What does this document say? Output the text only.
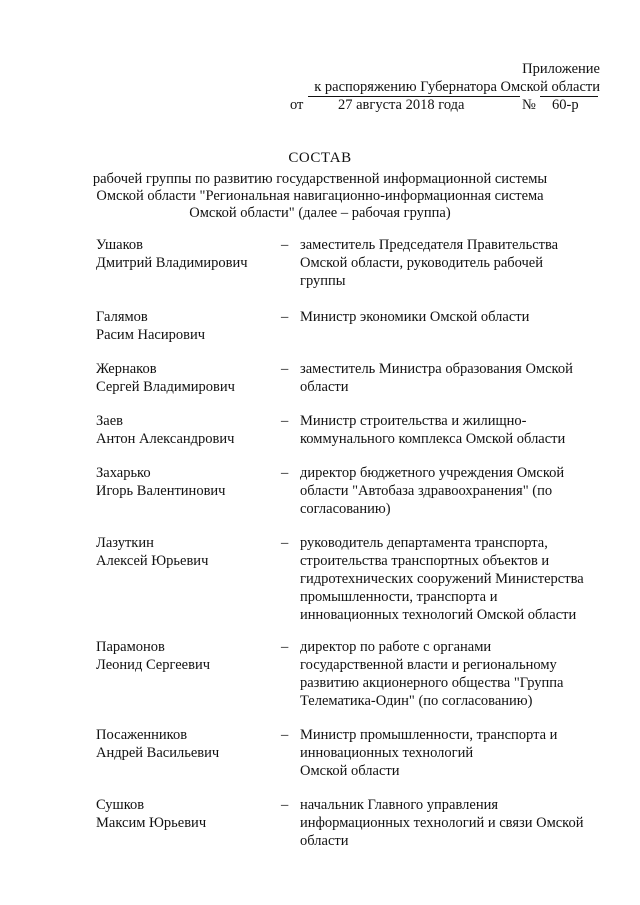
Приложение
к распоряжению Губернатора Омской области
от 27 августа 2018 года	№ 60-р
СОСТАВ
рабочей группы по развитию государственной информационной системы
Омской области "Региональная навигационно-информационная система
Омской области" (далее – рабочая группа)
Ушаков
Дмитрий Владимирович
– заместитель Председателя Правительства
Омской области, руководитель рабочей
группы
Галямов
Расим Насирович
– Министр экономики Омской области
Жернаков
Сергей Владимирович
– заместитель Министра образования Омской
области
Заев
Антон Александрович
– Министр строительства и жилищно-
коммунального комплекса Омской области
Захарько
Игорь Валентинович
– директор бюджетного учреждения Омской
области "Автобаза здравоохранения" (по
согласованию)
Лазуткин
Алексей Юрьевич
– руководитель департамента транспорта,
строительства транспортных объектов и
гидротехнических сооружений Министерства
промышленности, транспорта и
инновационных технологий Омской области
Парамонов
Леонид Сергеевич
– директор по работе с органами
государственной власти и региональному
развитию акционерного общества "Группа
Телематика-Один" (по согласованию)
Посаженников
Андрей Васильевич
– Министр промышленности, транспорта и
инновационных технологий
Омской области
Сушков
Максим Юрьевич
– начальник Главного управления
информационных технологий и связи Омской
области
